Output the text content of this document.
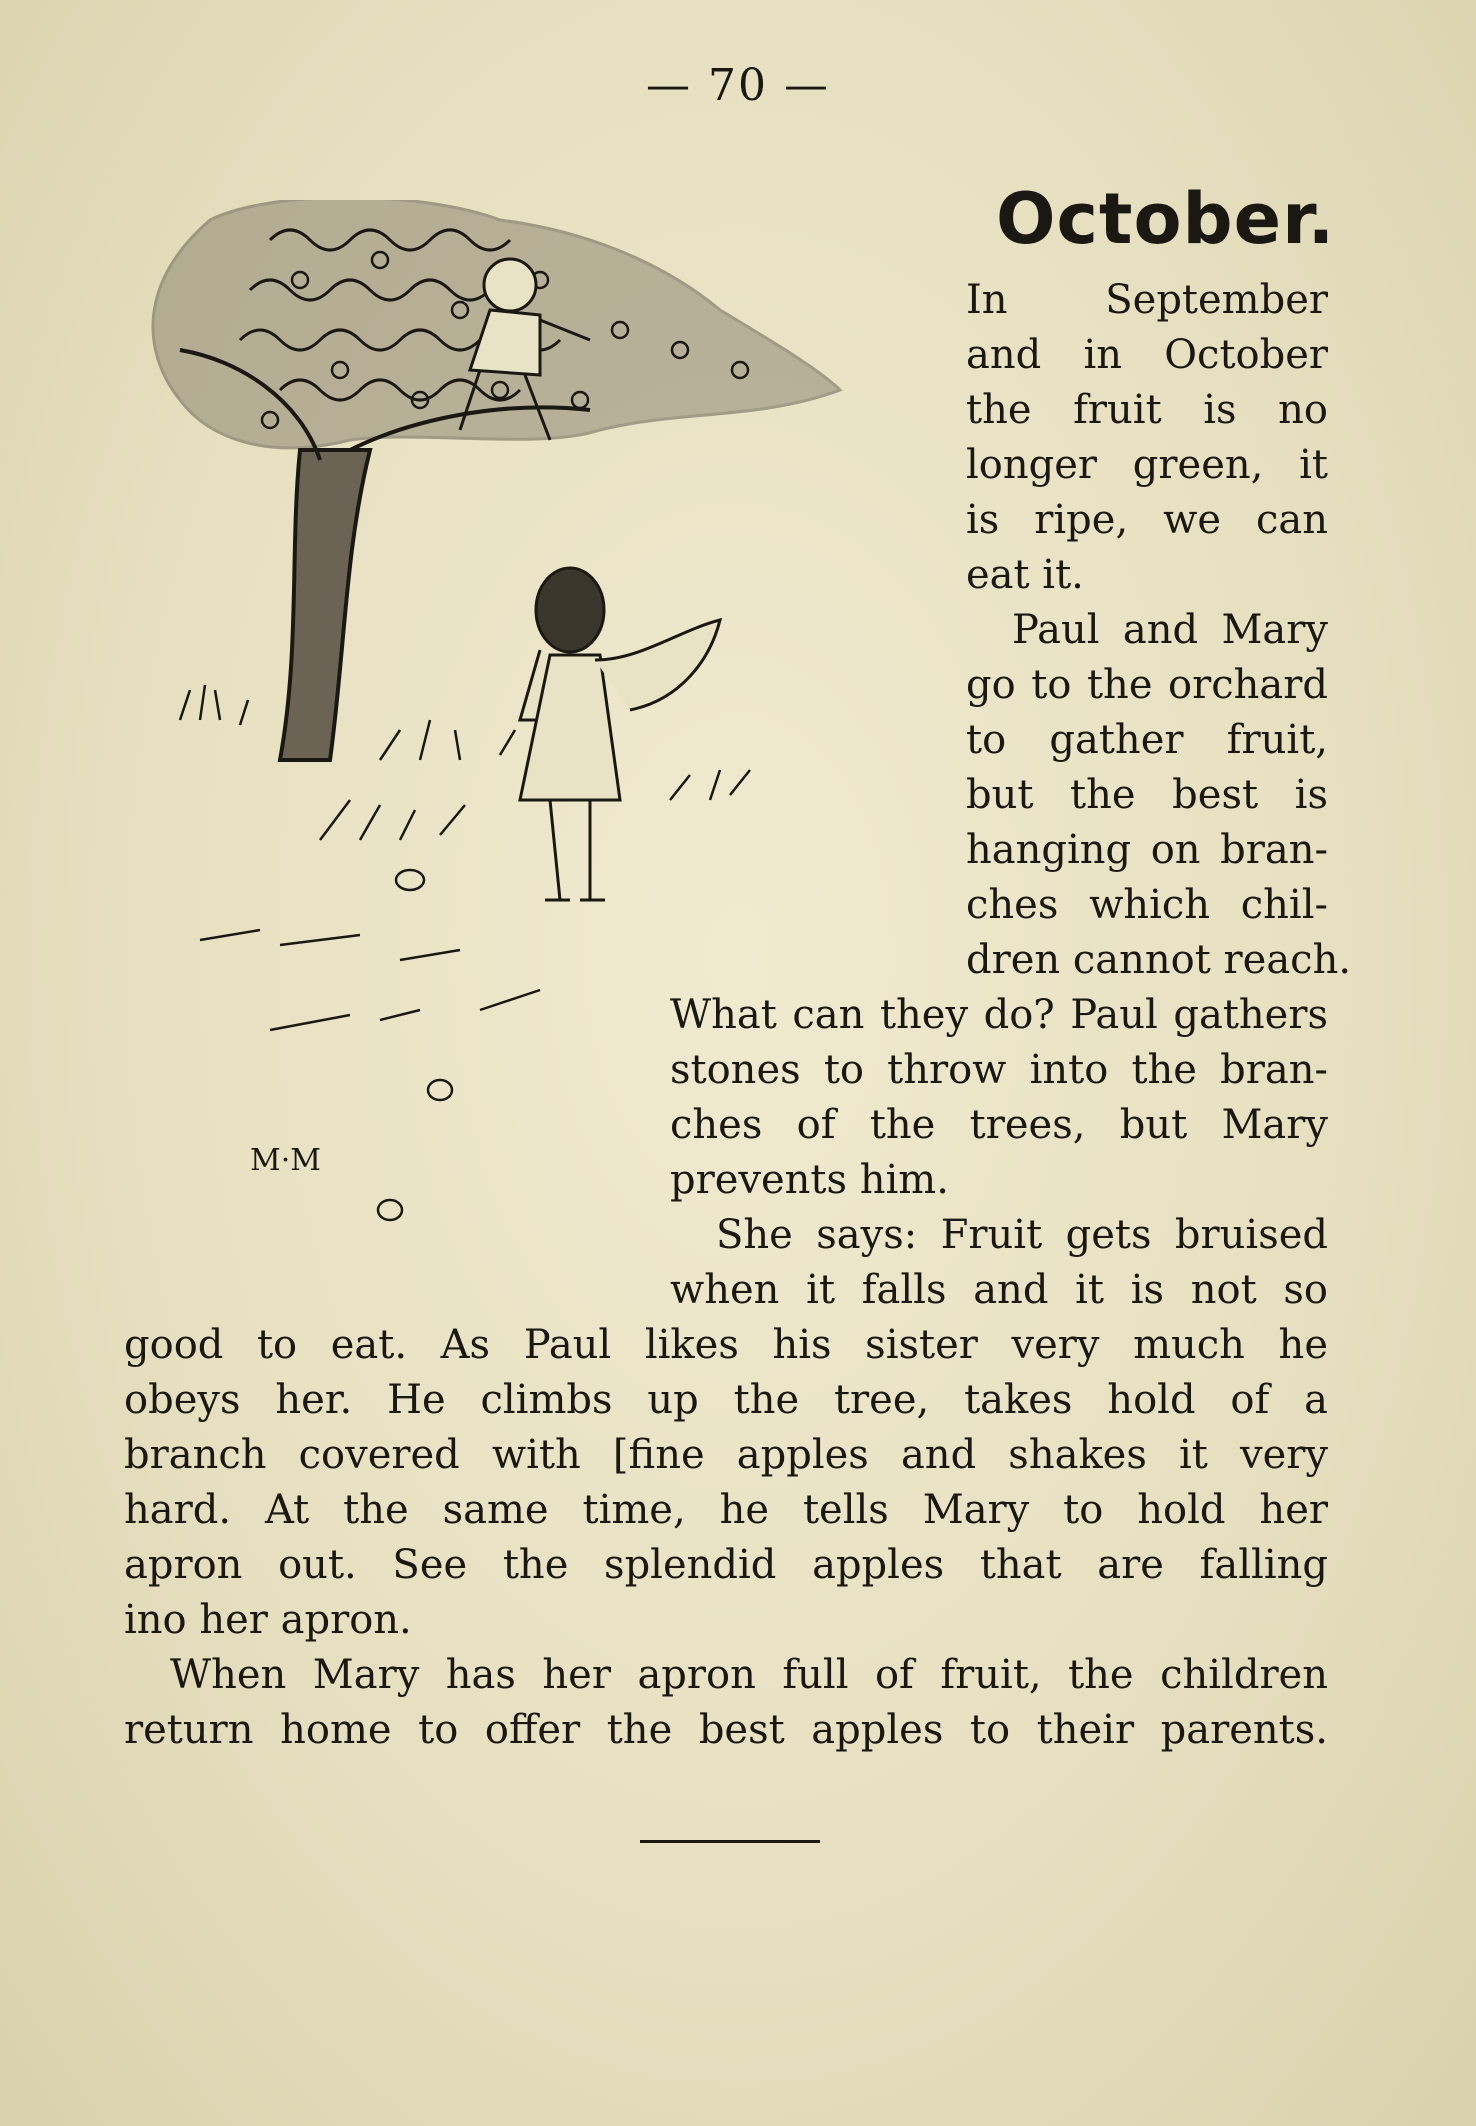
— 70 —
October.
M·M
In September
and in October
the fruit is no
longer green, it
is ripe, we can
eat it.
Paul and Mary
go to the orchard
to gather fruit,
but the best is
hanging on bran-
ches which chil-
dren cannot reach.
What can they do? Paul gathers
stones to throw into the bran-
ches of the trees, but Mary
prevents him.
She says: Fruit gets bruised
when it falls and it is not so
good to eat. As Paul likes his sister very much he
obeys her. He climbs up the tree, takes hold of a
branch covered with [fine apples and shakes it very
hard. At the same time, he tells Mary to hold her
apron out. See the splendid apples that are falling
ino her apron.
When Mary has her apron full of fruit, the children
return home to offer the best apples to their parents.
